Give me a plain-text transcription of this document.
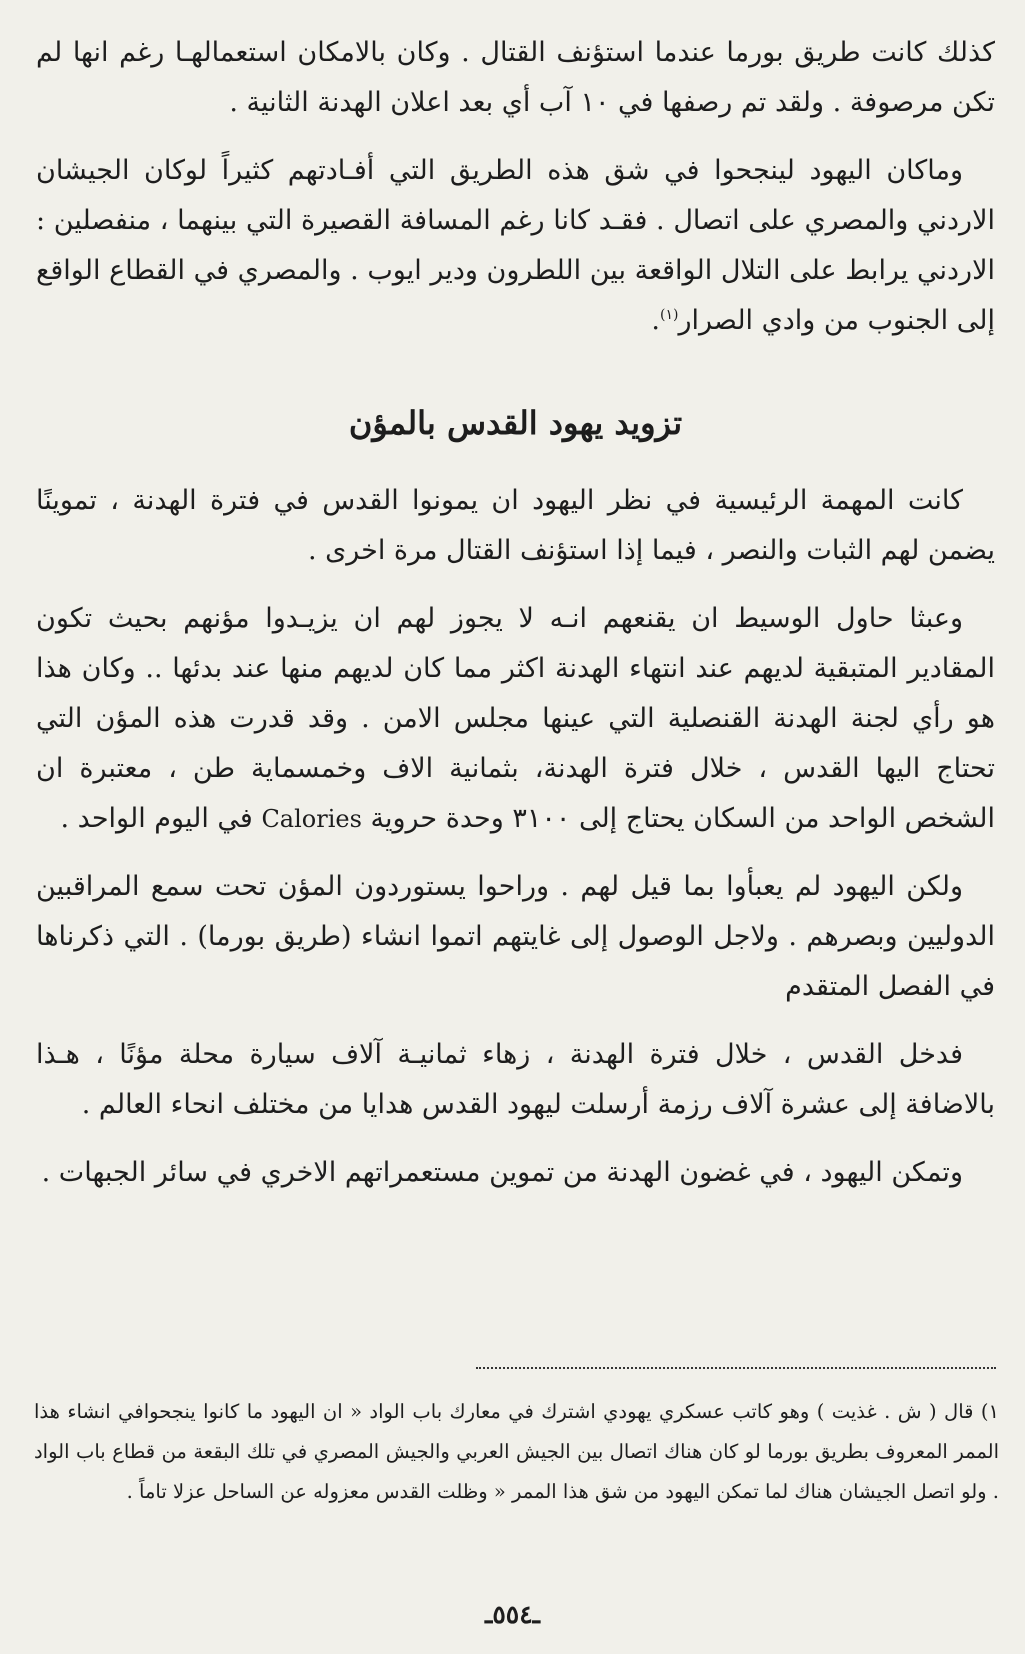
كذلك كانت طريق بورما عندما استؤنف القتال . وكان بالامكان استعمالهـا رغم انها لم تكن مرصوفة . ولقد تم رصفها في ١٠ آب أي بعد اعلان الهدنة الثانية .

وماكان اليهود لينجحوا في شق هذه الطريق التي أفـادتهم كثيراً لوكان الجيشان الاردني والمصري على اتصال . فقـد كانا رغم المسافة القصيرة التي بينهما ، منفصلين : الاردني يرابط على التلال الواقعة بين اللطرون ودير ايوب . والمصري في القطاع الواقع إلى الجنوب من وادي الصرار$^{(١)}$.

تزويد يهود القدس بالمؤن

كانت المهمة الرئيسية في نظر اليهود ان يمونوا القدس في فترة الهدنة ، تموينًا يضمن لهم الثبات والنصر ، فيما إذا استؤنف القتال مرة اخرى .

وعبثا حاول الوسيط ان يقنعهم انـه لا يجوز لهم ان يزيـدوا مؤنهم بحيث تكون المقادير المتبقية لديهم عند انتهاء الهدنة اكثر مما كان لديهم منها عند بدئها .. وكان هذا هو رأي لجنة الهدنة القنصلية التي عينها مجلس الامن . وقد قدرت هذه المؤن التي تحتاج اليها القدس ، خلال فترة الهدنة، بثمانية الاف وخمسماية طن ، معتبرة ان الشخص الواحد من السكان يحتاج إلى ٣١٠٠ وحدة حروية Calories في اليوم الواحد .

ولكن اليهود لم يعبأوا بما قيل لهم . وراحوا يستوردون المؤن تحت سمع المراقبين الدوليين وبصرهم . ولاجل الوصول إلى غايتهم اتموا انشاء (طريق بورما) . التي ذكرناها في الفصل المتقدم

فدخل القدس ، خلال فترة الهدنة ، زهاء ثمانيـة آلاف سيارة محلة مؤنًا ، هـذا بالاضافة إلى عشرة آلاف رزمة أرسلت ليهود القدس هدايا من مختلف انحاء العالم .

وتمكن اليهود ، في غضون الهدنة من تموين مستعمراتهم الاخري في سائر الجبهات .

١) قال ( ش . غذيت ) وهو كاتب عسكري يهودي اشترك في معارك باب الواد « ان اليهود ما كانوا ينجحوافي انشاء هذا الممر المعروف بطريق بورما لو كان هناك اتصال بين الجيش العربي والجيش المصري في تلك البقعة من قطاع باب الواد . ولو اتصل الجيشان هناك لما تمكن اليهود من شق هذا الممر « وظلت القدس معزوله عن الساحل عزلا تاماً .
ـ٥٥٤ـ
